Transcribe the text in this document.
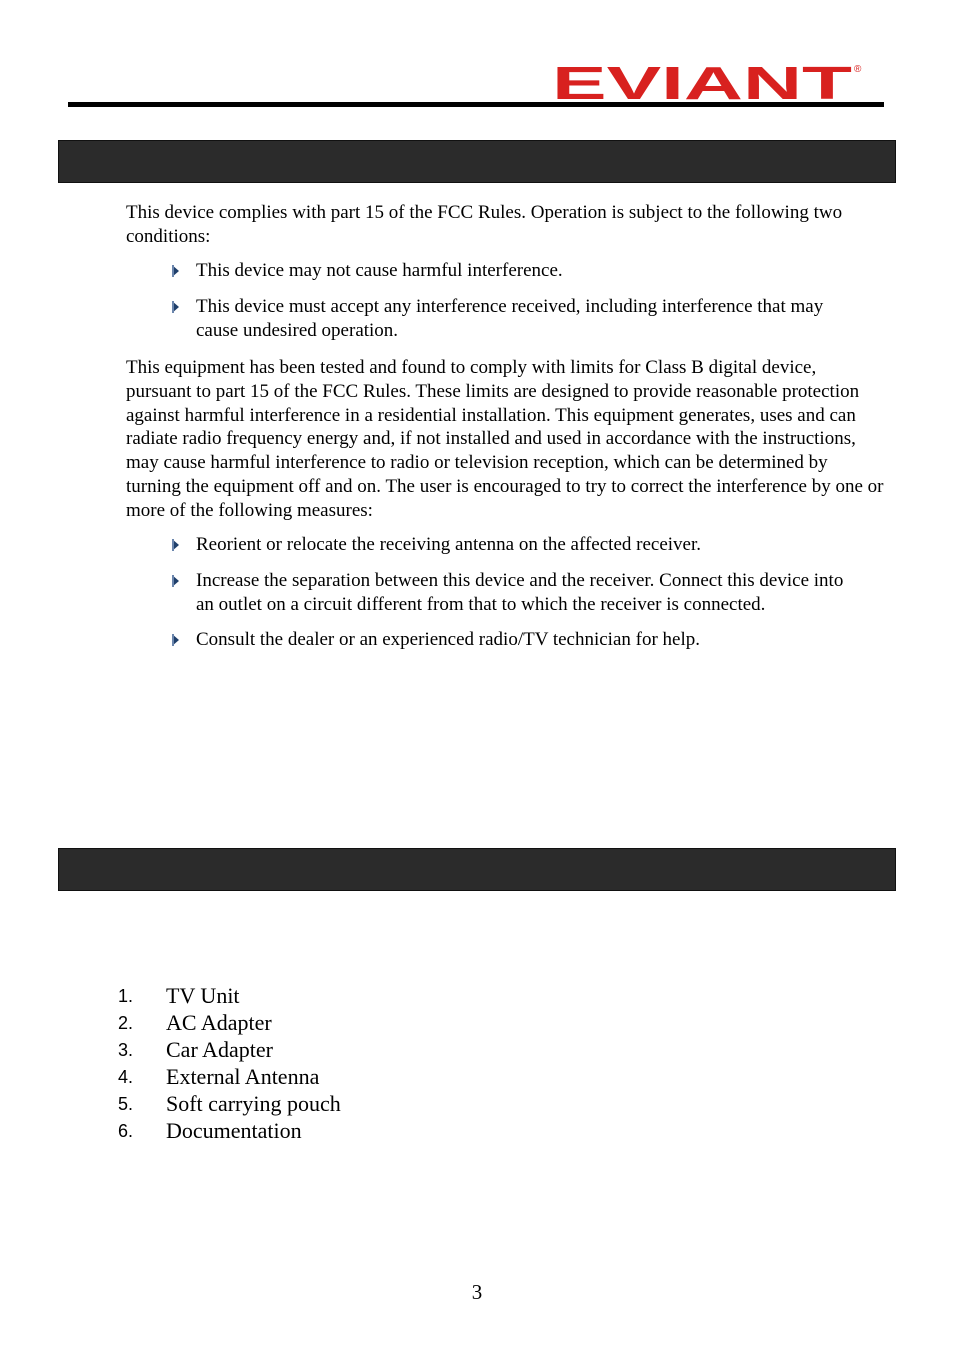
EVIANT ®

This device complies with part 15 of the FCC Rules. Operation is subject to the following two conditions:

This device may not cause harmful interference.
This device must accept any interference received, including interference that may cause undesired operation.

This equipment has been tested and found to comply with limits for Class B digital device, pursuant to part 15 of the FCC Rules. These limits are designed to provide reasonable protection against harmful interference in a residential installation. This equipment generates, uses and can radiate radio frequency energy and, if not installed and used in accordance with the instructions, may cause harmful interference to radio or television reception, which can be determined by turning the equipment off and on. The user is encouraged to try to correct the interference by one or more of the following measures:

Reorient or relocate the receiving antenna on the affected receiver.
Increase the separation between this device and the receiver. Connect this device into an outlet on a circuit different from that to which the receiver is connected.
Consult the dealer or an experienced radio/TV technician for help.
1. TV Unit
2. AC Adapter
3. Car Adapter
4. External Antenna
5. Soft carrying pouch
6. Documentation
3
